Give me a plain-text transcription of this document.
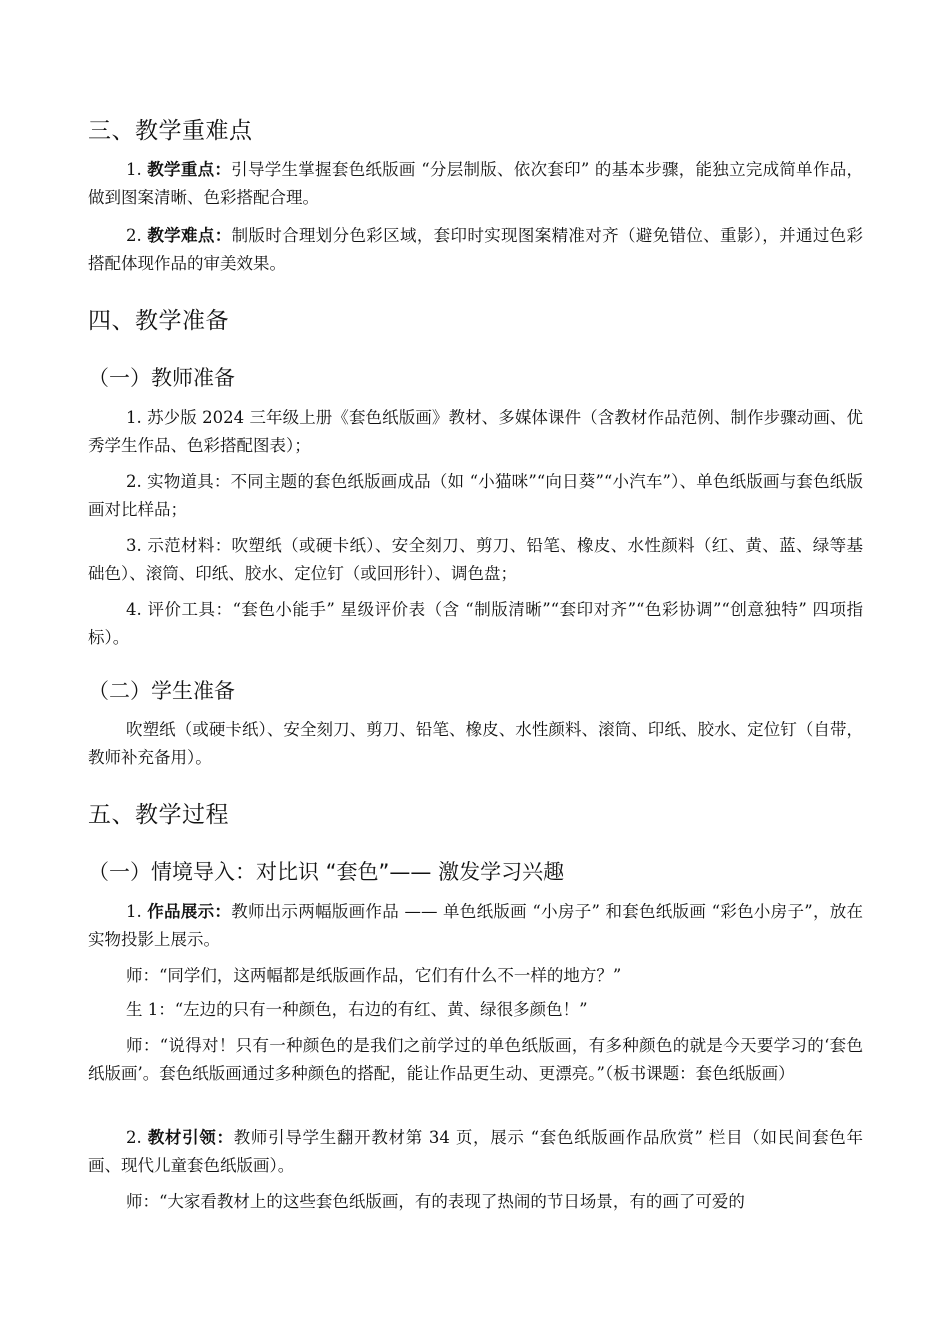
三、教学重难点
1. 教学重点：引导学生掌握套色纸版画 “分层制版、依次套印” 的基本步骤，能独立完成简单作品，做到图案清晰、色彩搭配合理。
2. 教学难点：制版时合理划分色彩区域，套印时实现图案精准对齐（避免错位、重影），并通过色彩搭配体现作品的审美效果。
四、教学准备
（一）教师准备
1. 苏少版 2024 三年级上册《套色纸版画》教材、多媒体课件（含教材作品范例、制作步骤动画、优秀学生作品、色彩搭配图表）；
2. 实物道具：不同主题的套色纸版画成品（如 “小猫咪”“向日葵”“小汽车”）、单色纸版画与套色纸版画对比样品；
3. 示范材料：吹塑纸（或硬卡纸）、安全刻刀、剪刀、铅笔、橡皮、水性颜料（红、黄、蓝、绿等基础色）、滚筒、印纸、胶水、定位钉（或回形针）、调色盘；
4. 评价工具：“套色小能手” 星级评价表（含 “制版清晰”“套印对齐”“色彩协调”“创意独特” 四项指标）。
（二）学生准备
吹塑纸（或硬卡纸）、安全刻刀、剪刀、铅笔、橡皮、水性颜料、滚筒、印纸、胶水、定位钉（自带，教师补充备用）。
五、教学过程
（一）情境导入：对比识 “套色”—— 激发学习兴趣
1. 作品展示：教师出示两幅版画作品 —— 单色纸版画 “小房子” 和套色纸版画 “彩色小房子”，放在实物投影上展示。
师：“同学们，这两幅都是纸版画作品，它们有什么不一样的地方？”
生 1：“左边的只有一种颜色，右边的有红、黄、绿很多颜色！”
师：“说得对！只有一种颜色的是我们之前学过的单色纸版画，有多种颜色的就是今天要学习的‘套色纸版画’。套色纸版画通过多种颜色的搭配，能让作品更生动、更漂亮。”（板书课题：套色纸版画）
2. 教材引领：教师引导学生翻开教材第 34 页，展示 “套色纸版画作品欣赏” 栏目（如民间套色年画、现代儿童套色纸版画）。
师：“大家看教材上的这些套色纸版画，有的表现了热闹的节日场景，有的画了可爱的
